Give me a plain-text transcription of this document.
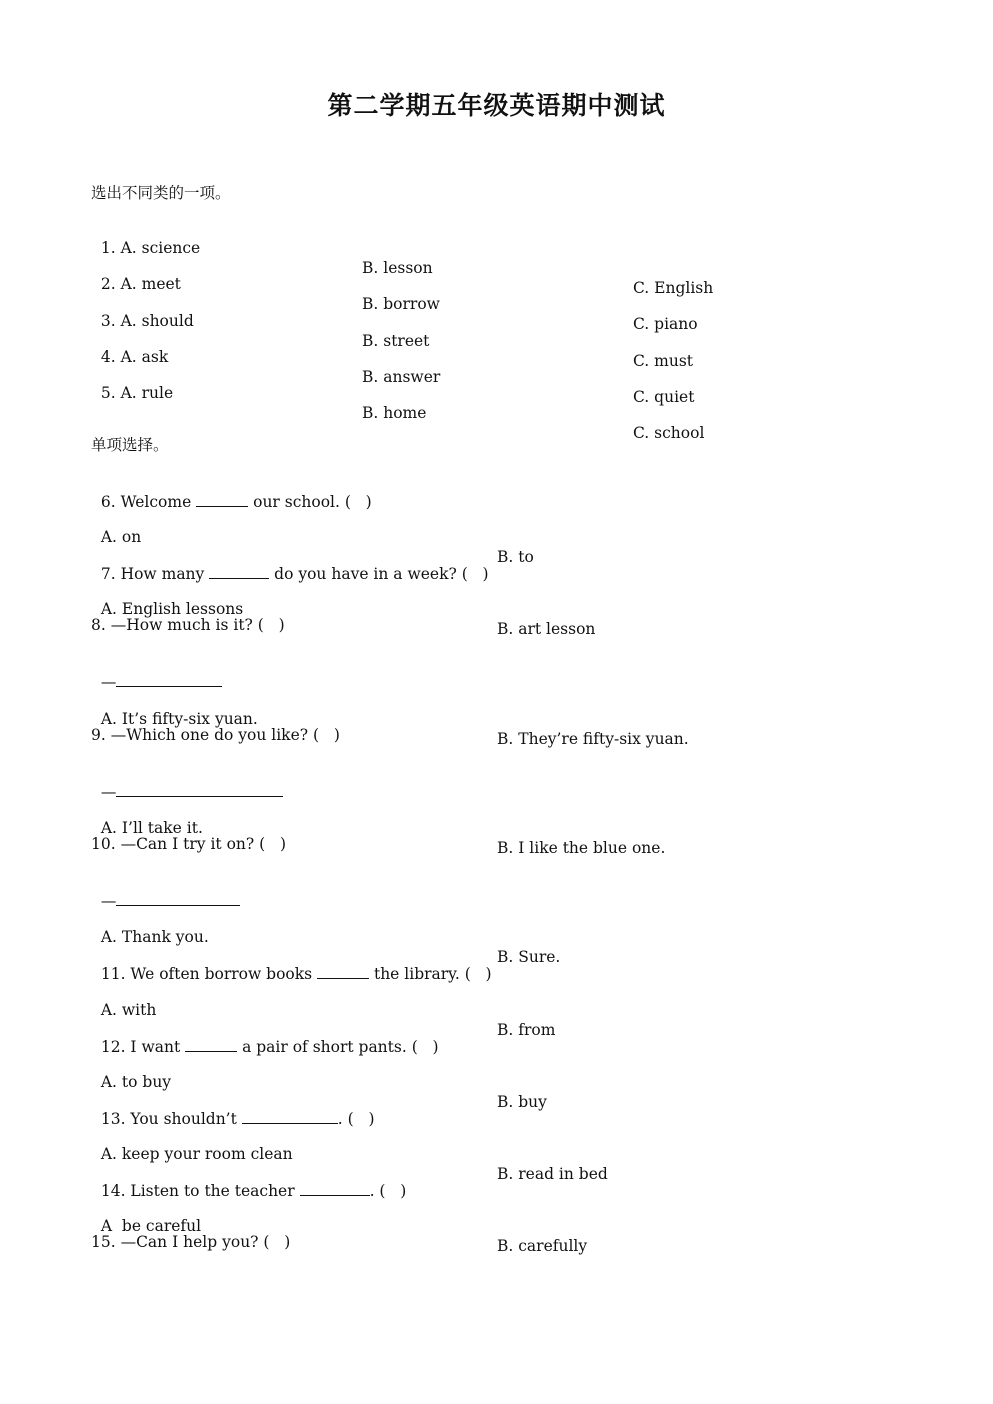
第二学期五年级英语期中测试
选出不同类的一项。

1. A. science

B. lesson

C. English

2. A. meet

B. borrow

C. piano

3. A. should

B. street

C. must

4. A. ask

B. answer

C. quiet

5. A. rule

B. home

C. school

单项选择。

6. Welcome	our school. (   )

A. on

B. to

7. How many	do you have in a week? (   )

A. English lessons

B. art lesson

8. —How much is it? (   )

—

A. It’s fifty-six yuan.

B. They’re fifty-six yuan.

9. —Which one do you like? (   )

—

A. I’ll take it.

B. I like the blue one.

10. —Can I try it on? (   )

—

A. Thank you.

B. Sure.

11. We often borrow books	the library. (   )

A. with

B. from

12. I want	a pair of short pants. (   )

A. to buy

B. buy

13. You shouldn’t	. (   )

A. keep your room clean

B. read in bed

14. Listen to the teacher	. (   )

A  be careful

B. carefully

15. —Can I help you? (   )
